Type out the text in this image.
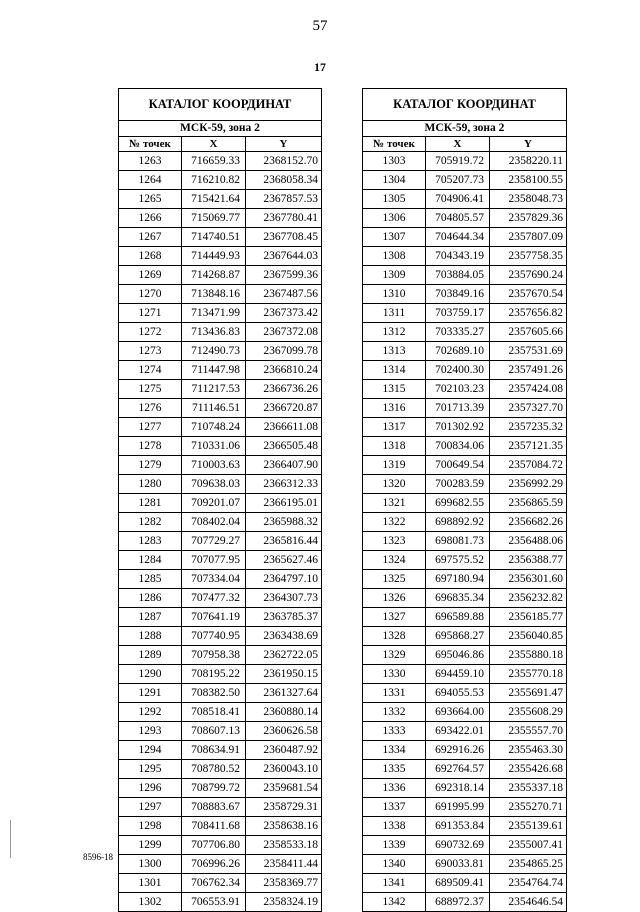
57
17
КАТАЛОГ КООРДИНАТ		
МСК-59, зона 2		
№ точек	X	Y
1263	716659.33	2368152.70
1264	716210.82	2368058.34
1265	715421.64	2367857.53
1266	715069.77	2367780.41
1267	714740.51	2367708.45
1268	714449.93	2367644.03
1269	714268.87	2367599.36
1270	713848.16	2367487.56
1271	713471.99	2367373.42
1272	713436.83	2367372.08
1273	712490.73	2367099.78
1274	711447.98	2366810.24
1275	711217.53	2366736.26
1276	711146.51	2366720.87
1277	710748.24	2366611.08
1278	710331.06	2366505.48
1279	710003.63	2366407.90
1280	709638.03	2366312.33
1281	709201.07	2366195.01
1282	708402.04	2365988.32
1283	707729.27	2365816.44
1284	707077.95	2365627.46
1285	707334.04	2364797.10
1286	707477.32	2364307.73
1287	707641.19	2363785.37
1288	707740.95	2363438.69
1289	707958.38	2362722.05
1290	708195.22	2361950.15
1291	708382.50	2361327.64
1292	708518.41	2360880.14
1293	708607.13	2360626.58
1294	708634.91	2360487.92
1295	708780.52	2360043.10
1296	708799.72	2359681.54
1297	708883.67	2358729.31
1298	708411.68	2358638.16
1299	707706.80	2358533.18
1300	706996.26	2358411.44
1301	706762.34	2358369.77
1302	706553.91	2358324.19
КАТАЛОГ КООРДИНАТ		
МСК-59, зона 2		
№ точек	X	Y
1303	705919.72	2358220.11
1304	705207.73	2358100.55
1305	704906.41	2358048.73
1306	704805.57	2357829.36
1307	704644.34	2357807.09
1308	704343.19	2357758.35
1309	703884.05	2357690.24
1310	703849.16	2357670.54
1311	703759.17	2357656.82
1312	703335.27	2357605.66
1313	702689.10	2357531.69
1314	702400.30	2357491.26
1315	702103.23	2357424.08
1316	701713.39	2357327.70
1317	701302.92	2357235.32
1318	700834.06	2357121.35
1319	700649.54	2357084.72
1320	700283.59	2356992.29
1321	699682.55	2356865.59
1322	698892.92	2356682.26
1323	698081.73	2356488.06
1324	697575.52	2356388.77
1325	697180.94	2356301.60
1326	696835.34	2356232.82
1327	696589.88	2356185.77
1328	695868.27	2356040.85
1329	695046.86	2355880.18
1330	694459.10	2355770.18
1331	694055.53	2355691.47
1332	693664.00	2355608.29
1333	693422.01	2355557.70
1334	692916.26	2355463.30
1335	692764.57	2355426.68
1336	692318.14	2355337.18
1337	691995.99	2355270.71
1338	691353.84	2355139.61
1339	690732.69	2355007.41
1340	690033.81	2354865.25
1341	689509.41	2354764.74
1342	688972.37	2354646.54
8596-18
